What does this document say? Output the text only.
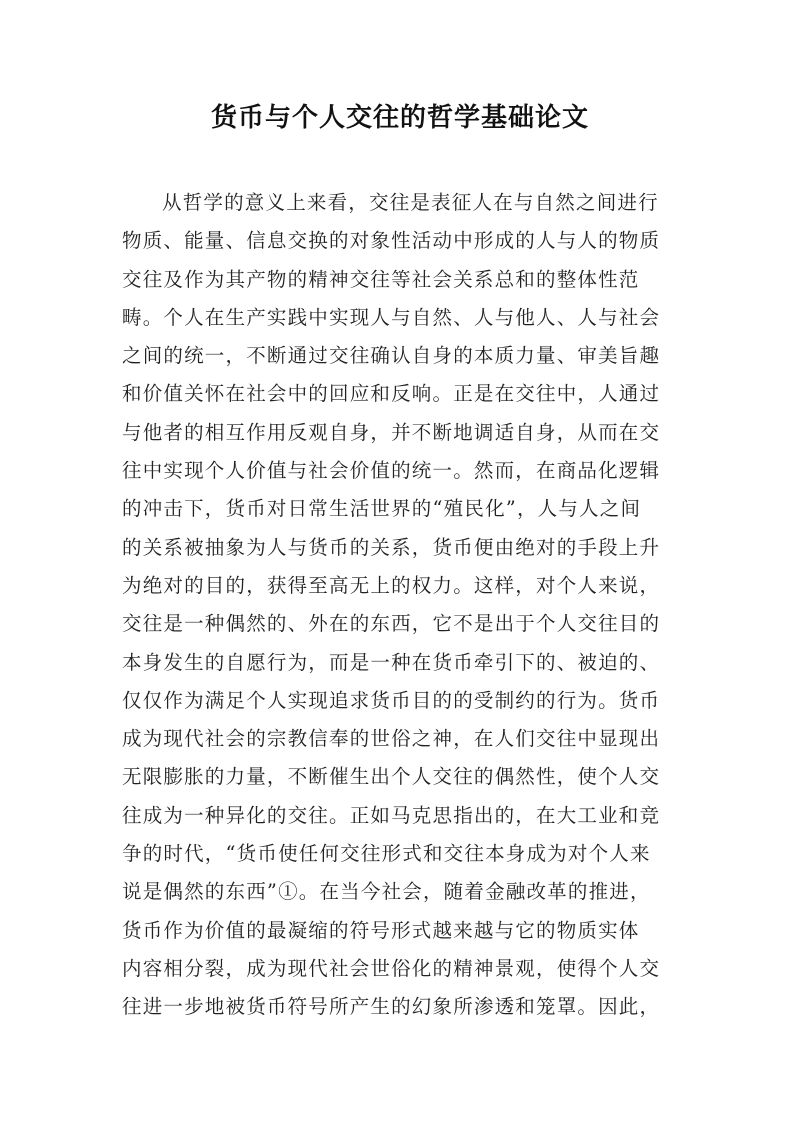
货币与个人交往的哲学基础论文
从哲学的意义上来看，交往是表征人在与自然之间进行
物质、能量、信息交换的对象性活动中形成的人与人的物质
交往及作为其产物的精神交往等社会关系总和的整体性范
畴。个人在生产实践中实现人与自然、人与他人、人与社会
之间的统一，不断通过交往确认自身的本质力量、审美旨趣
和价值关怀在社会中的回应和反响。正是在交往中，人通过
与他者的相互作用反观自身，并不断地调适自身，从而在交
往中实现个人价值与社会价值的统一。然而，在商品化逻辑
的冲击下，货币对日常生活世界的“殖民化”，人与人之间
的关系被抽象为人与货币的关系，货币便由绝对的手段上升
为绝对的目的，获得至高无上的权力。这样，对个人来说，
交往是一种偶然的、外在的东西，它不是出于个人交往目的
本身发生的自愿行为，而是一种在货币牵引下的、被迫的、
仅仅作为满足个人实现追求货币目的的受制约的行为。货币
成为现代社会的宗教信奉的世俗之神，在人们交往中显现出
无限膨胀的力量，不断催生出个人交往的偶然性，使个人交
往成为一种异化的交往。正如马克思指出的，在大工业和竞
争的时代，“货币使任何交往形式和交往本身成为对个人来
说是偶然的东西”①。在当今社会，随着金融改革的推进，
货币作为价值的最凝缩的符号形式越来越与它的物质实体
内容相分裂，成为现代社会世俗化的精神景观，使得个人交
往进一步地被货币符号所产生的幻象所渗透和笼罩。因此，
